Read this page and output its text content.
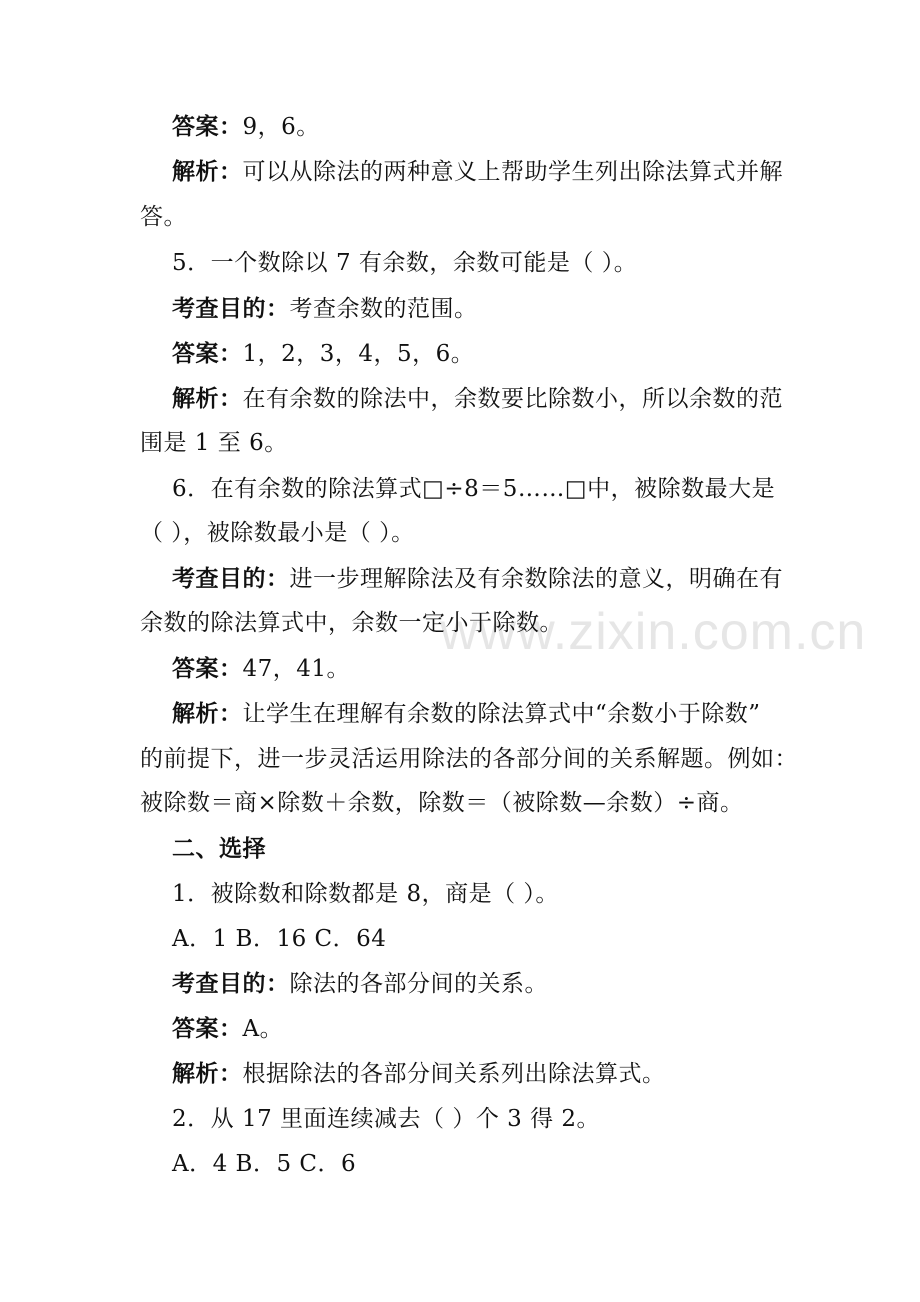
www.zixin.com.cn
答案：9，6。
解析：可以从除法的两种意义上帮助学生列出除法算式并解
答。
5．一个数除以 7 有余数，余数可能是（ ）。
考查目的：考查余数的范围。
答案：1，2，3，4，5，6。
解析：在有余数的除法中，余数要比除数小，所以余数的范
围是 1 至 6。
6．在有余数的除法算式□÷8＝5……□中，被除数最大是
（ ），被除数最小是（ ）。
考查目的：进一步理解除法及有余数除法的意义，明确在有
余数的除法算式中，余数一定小于除数。
答案：47，41。
解析：让学生在理解有余数的除法算式中“余数小于除数”
的前提下，进一步灵活运用除法的各部分间的关系解题。例如：
被除数＝商×除数＋余数，除数＝（被除数—余数）÷商。
二、选择
1．被除数和除数都是 8，商是（ ）。
A．1 B．16 C．64
考查目的：除法的各部分间的关系。
答案：A。
解析：根据除法的各部分间关系列出除法算式。
2．从 17 里面连续减去（ ）个 3 得 2。
A．4 B．5 C．6
